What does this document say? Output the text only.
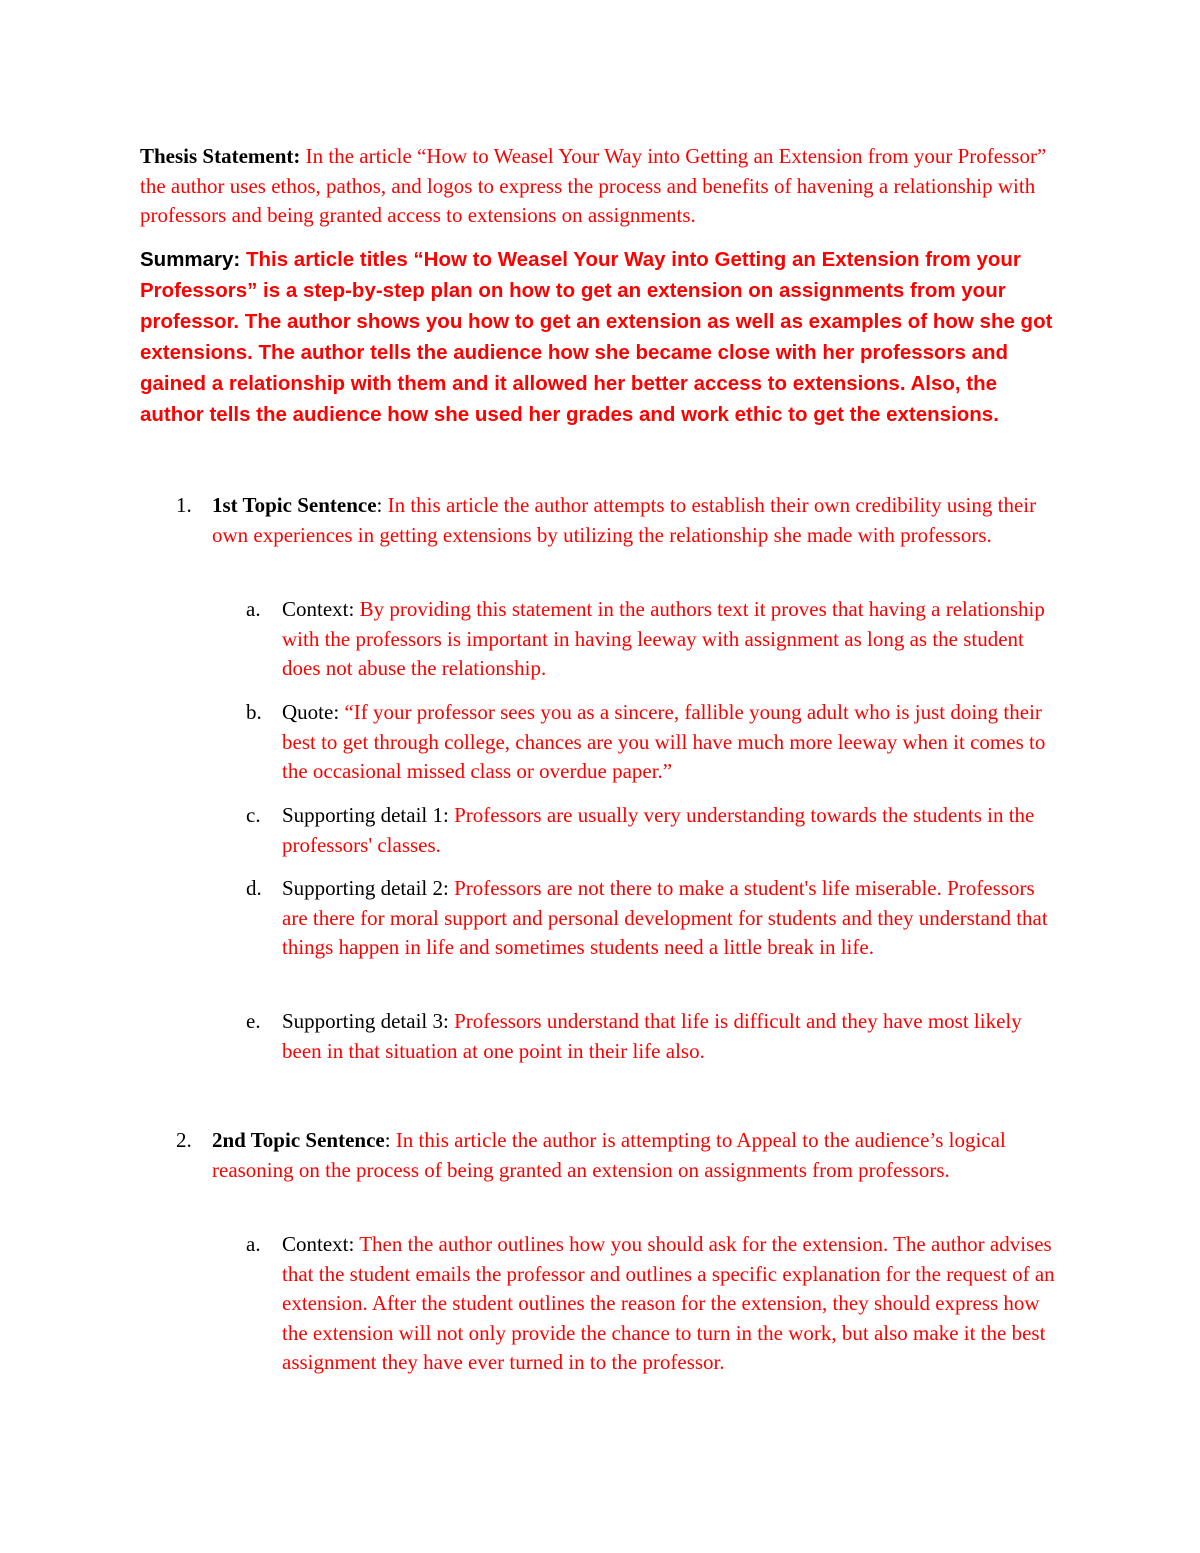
Thesis Statement: In the article “How to Weasel Your Way into Getting an Extension from your Professor” the author uses ethos, pathos, and logos to express the process and benefits of havening a relationship with professors and being granted access to extensions on assignments.

Summary: This article titles “How to Weasel Your Way into Getting an Extension from your Professors” is a step-by-step plan on how to get an extension on assignments from your professor. The author shows you how to get an extension as well as examples of how she got extensions. The author tells the audience how she became close with her professors and gained a relationship with them and it allowed her better access to extensions. Also, the author tells the audience how she used her grades and work ethic to get the extensions.

1. 1st Topic Sentence: In this article the author attempts to establish their own credibility using their own experiences in getting extensions by utilizing the relationship she made with professors.

a. Context: By providing this statement in the authors text it proves that having a relationship with the professors is important in having leeway with assignment as long as the student does not abuse the relationship.

b. Quote: “If your professor sees you as a sincere, fallible young adult who is just doing their best to get through college, chances are you will have much more leeway when it comes to the occasional missed class or overdue paper.”

c. Supporting detail 1: Professors are usually very understanding towards the students in the professors' classes.

d. Supporting detail 2: Professors are not there to make a student's life miserable. Professors are there for moral support and personal development for students and they understand that things happen in life and sometimes students need a little break in life.

e. Supporting detail 3: Professors understand that life is difficult and they have most likely been in that situation at one point in their life also.

2. 2nd Topic Sentence: In this article the author is attempting to Appeal to the audience’s logical reasoning on the process of being granted an extension on assignments from professors.

a. Context: Then the author outlines how you should ask for the extension. The author advises that the student emails the professor and outlines a specific explanation for the request of an extension. After the student outlines the reason for the extension, they should express how the extension will not only provide the chance to turn in the work, but also make it the best assignment they have ever turned in to the professor.
